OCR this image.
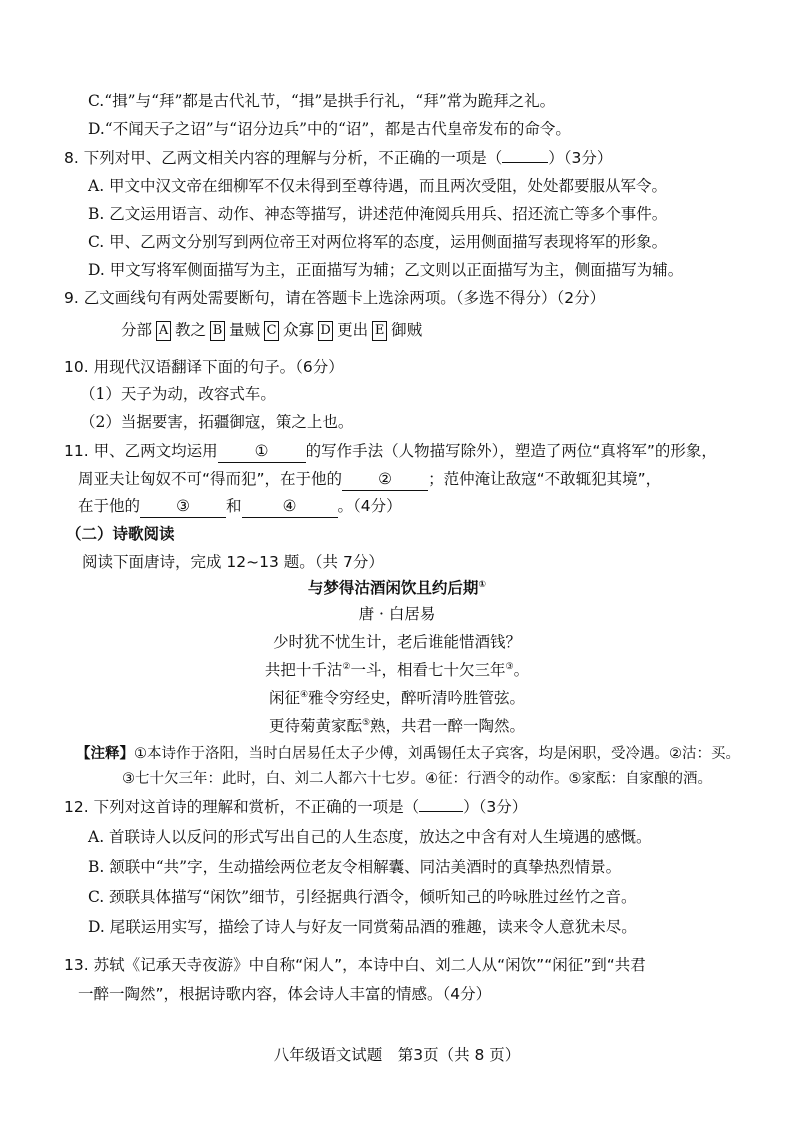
C.“揖”与“拜”都是古代礼节，“揖”是拱手行礼，“拜”常为跪拜之礼。
D.“不闻天子之诏”与“诏分边兵”中的“诏”，都是古代皇帝发布的命令。
8. 下列对甲、乙两文相关内容的理解与分析，不正确的一项是（	）（3分）
A. 甲文中汉文帝在细柳军不仅未得到至尊待遇，而且两次受阻，处处都要服从军令。
B. 乙文运用语言、动作、神态等描写，讲述范仲淹阅兵用兵、招还流亡等多个事件。
C. 甲、乙两文分别写到两位帝王对两位将军的态度，运用侧面描写表现将军的形象。
D. 甲文写将军侧面描写为主，正面描写为辅；乙文则以正面描写为主，侧面描写为辅。
9. 乙文画线句有两处需要断句，请在答题卡上选涂两项。（多选不得分）（2分）
分部 A 教之 B 量贼 C 众寡 D 更出 E 御贼
10. 用现代汉语翻译下面的句子。（6分）
（1）天子为动，改容式车。
（2）当据要害，拓疆御寇，策之上也。
11. 甲、乙两文均运用 ① 的写作手法（人物描写除外），塑造了两位“真将军”的形象，
周亚夫让匈奴不可“得而犯”，在于他的 ② ；范仲淹让敌寇“不敢辄犯其境”，
在于他的 ③ 和	④	。（4分）
（二）诗歌阅读
阅读下面唐诗，完成 12~13 题。（共 7分）
与梦得沽酒闲饮且约后期①
唐 · 白居易
少时犹不忧生计，老后谁能惜酒钱？
共把十千沽②一斗，相看七十欠三年③。
闲征④雅令穷经史，醉听清吟胜管弦。
更待菊黄家酝⑤熟，共君一醉一陶然。
【注释】①本诗作于洛阳，当时白居易任太子少傅，刘禹锡任太子宾客，均是闲职，受冷遇。②沽：买。
③七十欠三年：此时，白、刘二人都六十七岁。④征：行酒令的动作。⑤家酝：自家酿的酒。
12. 下列对这首诗的理解和赏析，不正确的一项是（	）（3分）
A. 首联诗人以反问的形式写出自己的人生态度，放达之中含有对人生境遇的感慨。
B. 颔联中“共”字，生动描绘两位老友令相解囊、同沽美酒时的真挚热烈情景。
C. 颈联具体描写“闲饮”细节，引经据典行酒令，倾听知己的吟咏胜过丝竹之音。
D. 尾联运用实写，描绘了诗人与好友一同赏菊品酒的雅趣，读来令人意犹未尽。
13. 苏轼《记承天寺夜游》中自称“闲人”，本诗中白、刘二人从“闲饮”“闲征”到“共君
一醉一陶然”，根据诗歌内容，体会诗人丰富的情感。（4分）
八年级语文试题　第3页（共 8 页）
